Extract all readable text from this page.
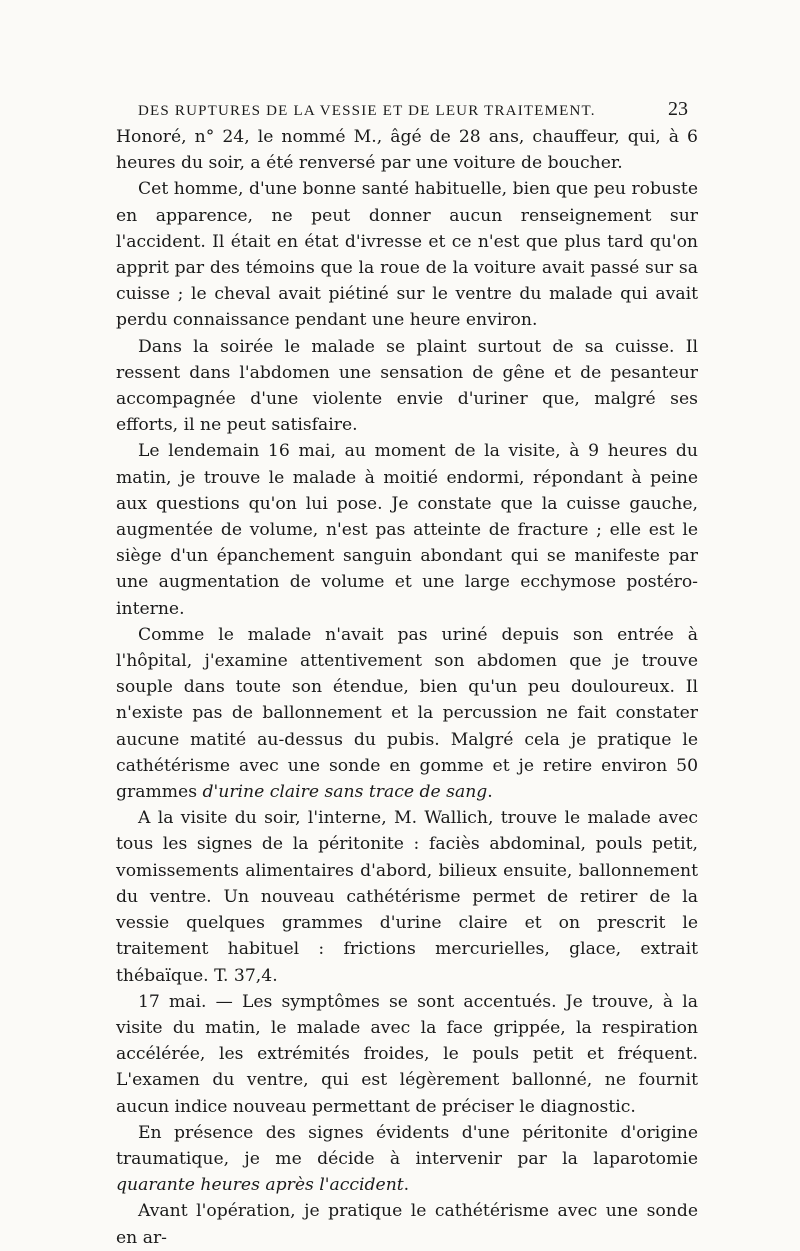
DES RUPTURES DE LA VESSIE ET DE LEUR TRAITEMENT.	23

Honoré, n° 24, le nommé M., âgé de 28 ans, chauffeur, qui, à 6 heures du soir, a été renversé par une voiture de boucher.

Cet homme, d'une bonne santé habituelle, bien que peu robuste en apparence, ne peut donner aucun renseignement sur l'accident. Il était en état d'ivresse et ce n'est que plus tard qu'on apprit par des témoins que la roue de la voiture avait passé sur sa cuisse ; le cheval avait piétiné sur le ventre du malade qui avait perdu connaissance pendant une heure environ.

Dans la soirée le malade se plaint surtout de sa cuisse. Il ressent dans l'abdomen une sensation de gêne et de pesanteur accompagnée d'une violente envie d'uriner que, malgré ses efforts, il ne peut satisfaire.

Le lendemain 16 mai, au moment de la visite, à 9 heures du matin, je trouve le malade à moitié endormi, répondant à peine aux questions qu'on lui pose. Je constate que la cuisse gauche, augmentée de volume, n'est pas atteinte de fracture ; elle est le siège d'un épanchement sanguin abondant qui se manifeste par une augmentation de volume et une large ecchymose postéro-interne.

Comme le malade n'avait pas uriné depuis son entrée à l'hôpital, j'examine attentivement son abdomen que je trouve souple dans toute son étendue, bien qu'un peu douloureux. Il n'existe pas de ballonnement et la percussion ne fait constater aucune matité au-dessus du pubis. Malgré cela je pratique le cathétérisme avec une sonde en gomme et je retire environ 50 grammes d'urine claire sans trace de sang.

A la visite du soir, l'interne, M. Wallich, trouve le malade avec tous les signes de la péritonite : faciès abdominal, pouls petit, vomissements alimentaires d'abord, bilieux ensuite, ballonnement du ventre. Un nouveau cathétérisme permet de retirer de la vessie quelques grammes d'urine claire et on prescrit le traitement habituel : frictions mercurielles, glace, extrait thébaïque. T. 37,4.

17 mai. — Les symptômes se sont accentués. Je trouve, à la visite du matin, le malade avec la face grippée, la respiration accélérée, les extrémités froides, le pouls petit et fréquent. L'examen du ventre, qui est légèrement ballonné, ne fournit aucun indice nouveau permettant de préciser le diagnostic.

En présence des signes évidents d'une péritonite d'origine traumatique, je me décide à intervenir par la laparotomie quarante heures après l'accident.

Avant l'opération, je pratique le cathétérisme avec une sonde en ar-
